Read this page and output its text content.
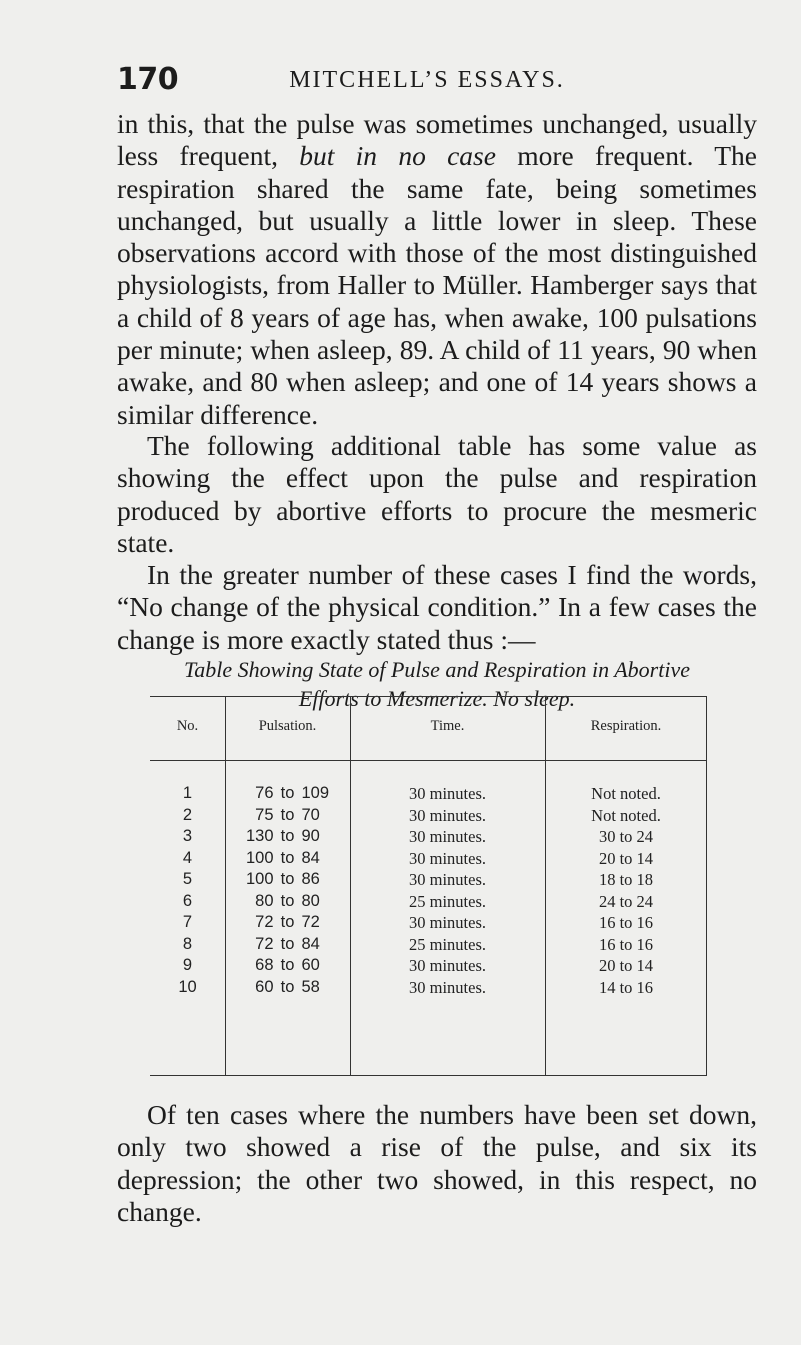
170	MITCHELL’S ESSAYS.

in this, that the pulse was sometimes unchanged, usually less frequent, but in no case more frequent. The respiration shared the same fate, being sometimes unchanged, but usually a little lower in sleep. These observations accord with those of the most distinguished physiologists, from Haller to Müller. Hamberger says that a child of 8 years of age has, when awake, 100 pulsations per minute; when asleep, 89. A child of 11 years, 90 when awake, and 80 when asleep; and one of 14 years shows a similar difference.

The following additional table has some value as showing the effect upon the pulse and respiration produced by abortive efforts to procure the mesmeric state.

In the greater number of these cases I find the words, “No change of the physical condition.” In a few cases the change is more exactly stated thus :—

Table Showing State of Pulse and Respiration in Abortive
Efforts to Mesmerize. No sleep.
No.	Pulsation.	Time.	Respiration.
1	76 to 109	30 minutes.	Not noted.
2	75 to 70	30 minutes.	Not noted.
3	130 to 90	30 minutes.	30 to 24
4	100 to 84	30 minutes.	20 to 14
5	100 to 86	30 minutes.	18 to 18
6	80 to 80	25 minutes.	24 to 24
7	72 to 72	30 minutes.	16 to 16
8	72 to 84	25 minutes.	16 to 16
9	68 to 60	30 minutes.	20 to 14
10	60 to 58	30 minutes.	14 to 16

Of ten cases where the numbers have been set down, only two showed a rise of the pulse, and six its depression; the other two showed, in this respect, no change.
